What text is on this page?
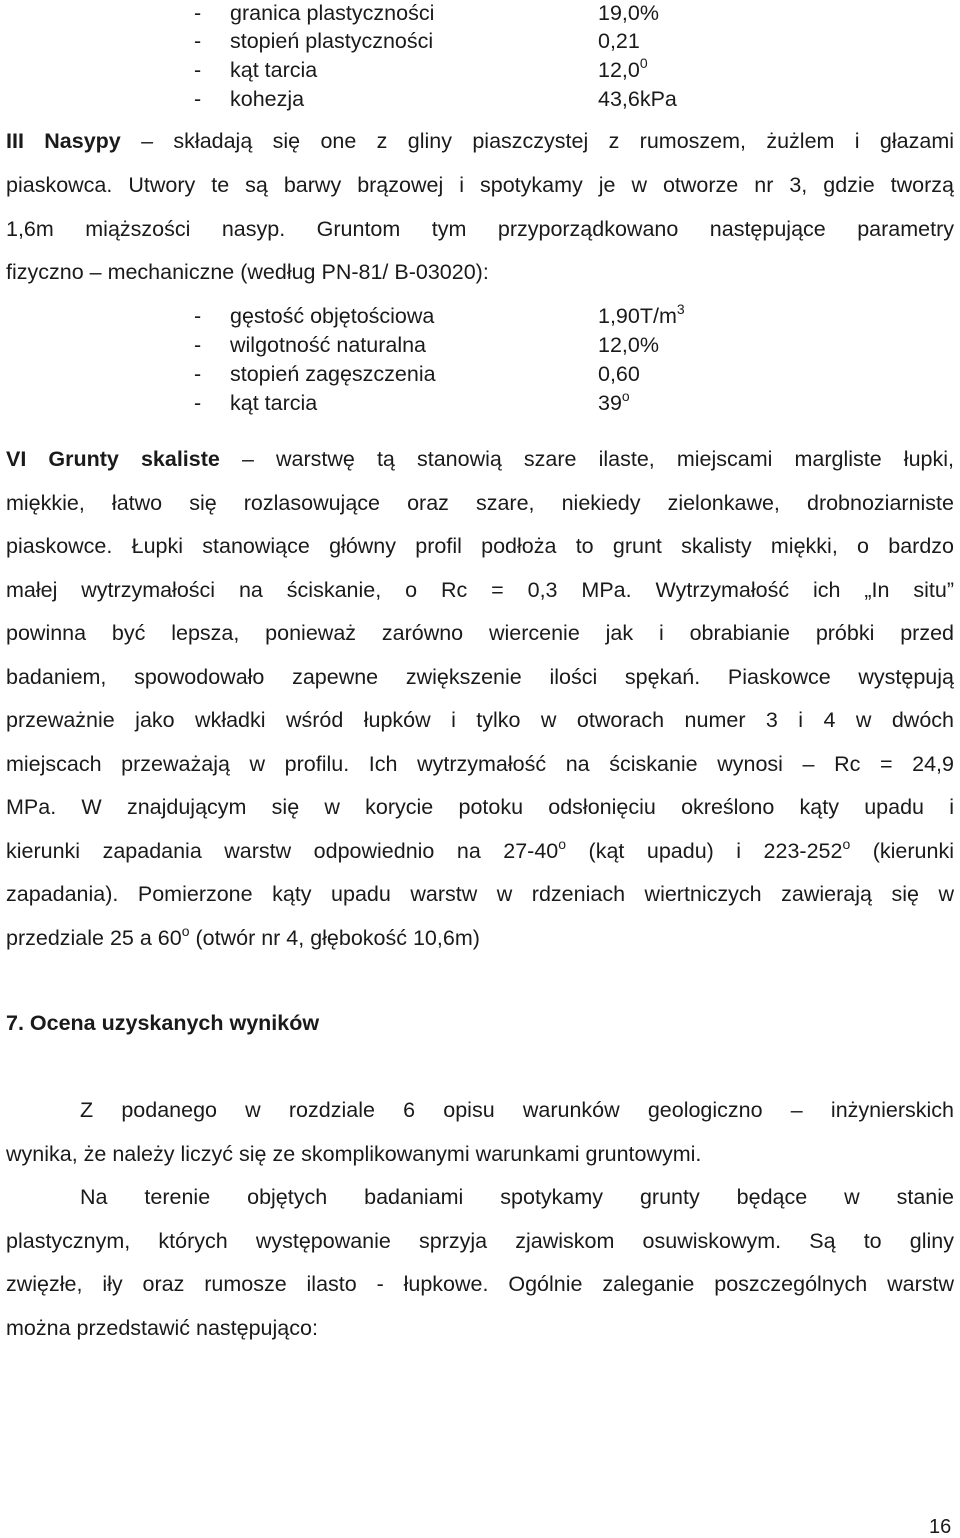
- granica plastyczności	19,0%
- stopień plastyczności	0,21
- kąt tarcia	12,0$^0$
- kohezja	43,6kPa
III Nasypy – składają się one z gliny piaszczystej z rumoszem, żużlem i głazami
piaskowca. Utwory te są barwy brązowej i spotykamy je w otworze nr 3, gdzie tworzą
1,6m miąższości nasyp. Gruntom tym przyporządkowano następujące parametry
fizyczno – mechaniczne (według PN-81/ B-03020):
- gęstość objętościowa	$1,90T/m^3$
- wilgotność naturalna	12,0%
- stopień zagęszczenia	0,60
- kąt tarcia	39$^o$
VI Grunty skaliste – warstwę tą stanowią szare ilaste, miejscami margliste łupki,
miękkie, łatwo się rozlasowujące oraz szare, niekiedy zielonkawe, drobnoziarniste
piaskowce. Łupki stanowiące główny profil podłoża to grunt skalisty miękki, o bardzo
małej wytrzymałości na ściskanie, o Rc = 0,3 MPa. Wytrzymałość ich „In situ”
powinna być lepsza, ponieważ zarówno wiercenie jak i obrabianie próbki przed
badaniem, spowodowało zapewne zwiększenie ilości spękań. Piaskowce występują
przeważnie jako wkładki wśród łupków i tylko w otworach numer 3 i 4 w dwóch
miejscach przeważają w profilu. Ich wytrzymałość na ściskanie wynosi – Rc = 24,9
MPa. W znajdującym się w korycie potoku odsłonięciu określono kąty upadu i
kierunki zapadania warstw odpowiednio na 27-40$^o$ (kąt upadu) i 223-252$^o$ (kierunki
zapadania). Pomierzone kąty upadu warstw w rdzeniach wiertniczych zawierają się w
przedziale 25 a 60$^o$ (otwór nr 4, głębokość 10,6m)
7. Ocena uzyskanych wyników
Z podanego w rozdziale 6 opisu warunków geologiczno – inżynierskich
wynika, że należy liczyć się ze skomplikowanymi warunkami gruntowymi.
Na terenie objętych badaniami spotykamy grunty będące w stanie
plastycznym, których występowanie sprzyja zjawiskom osuwiskowym. Są to gliny
zwięzłe, iły oraz rumosze ilasto - łupkowe. Ogólnie zaleganie poszczególnych warstw
można przedstawić następująco:
16
